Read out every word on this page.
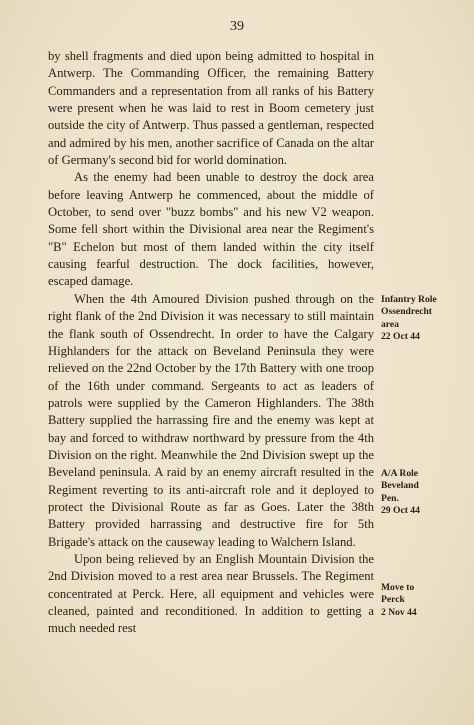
39

by shell fragments and died upon being admitted to hospital in Antwerp. The Commanding Officer, the remaining Battery Commanders and a representation from all ranks of his Battery were present when he was laid to rest in Boom cemetery just outside the city of Antwerp. Thus passed a gentleman, respected and admired by his men, another sacrifice of Canada on the altar of Germany's second bid for world domination.

As the enemy had been unable to destroy the dock area before leaving Antwerp he commenced, about the middle of October, to send over "buzz bombs" and his new V2 weapon. Some fell short within the Divisional area near the Regiment's "B" Echelon but most of them landed within the city itself causing fearful destruction. The dock facilities, however, escaped damage.

When the 4th Amoured Division pushed through on the right flank of the 2nd Division it was necessary to still maintain the flank south of Ossendrecht. In order to have the Calgary Highlanders for the attack on Beveland Peninsula they were relieved on the 22nd October by the 17th Battery with one troop of the 16th under command. Sergeants to act as leaders of patrols were supplied by the Cameron Highlanders. The 38th Battery supplied the harrassing fire and the enemy was kept at bay and forced to withdraw northward by pressure from the 4th Division on the right. Meanwhile the 2nd Division swept up the Beveland peninsula. A raid by an enemy aircraft resulted in the Regiment reverting to its anti-aircraft role and it deployed to protect the Divisional Route as far as Goes. Later the 38th Battery provided harrassing and destructive fire for 5th Brigade's attack on the causeway leading to Walchern Island.

Upon being relieved by an English Mountain Division the 2nd Division moved to a rest area near Brussels. The Regiment concentrated at Perck. Here, all equipment and vehicles were cleaned, painted and reconditioned. In addition to getting a much needed rest

Infantry Role
Ossendrecht
area
22 Oct 44
A/A Role
Beveland
Pen.
29 Oct 44
Move to
Perck
2 Nov 44
